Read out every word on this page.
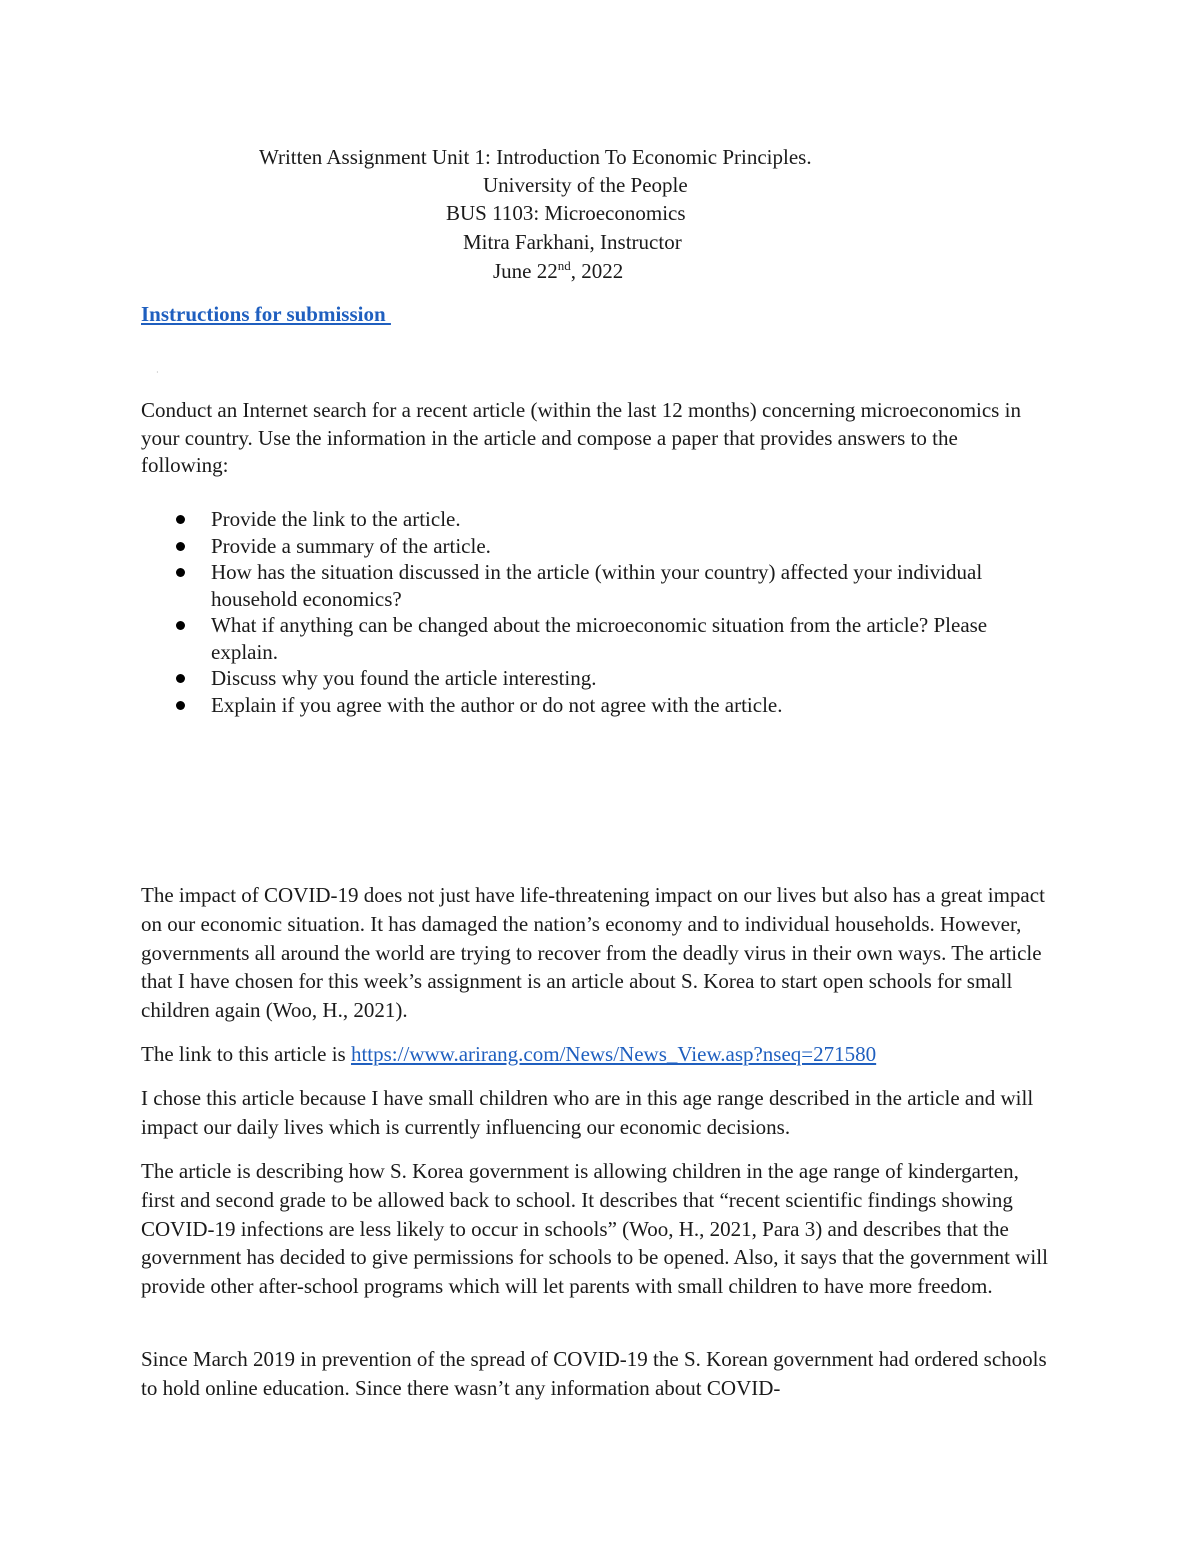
Written Assignment Unit 1: Introduction To Economic Principles.
University of the People
BUS 1103: Microeconomics
Mitra Farkhani, Instructor
June 22nd, 2022
Instructions for submission
·
Conduct an Internet search for a recent article (within the last 12 months) concerning microeconomics in your country. Use the information in the article and compose a paper that provides answers to the following:
Provide the link to the article.
Provide a summary of the article.
How has the situation discussed in the article (within your country) affected your individual household economics?
What if anything can be changed about the microeconomic situation from the article? Please explain.
Discuss why you found the article interesting.
Explain if you agree with the author or do not agree with the article.

The impact of COVID-19 does not just have life-threatening impact on our lives but also has a great impact on our economic situation. It has damaged the nation’s economy and to individual households. However, governments all around the world are trying to recover from the deadly virus in their own ways. The article that I have chosen for this week’s assignment is an article about S. Korea to start open schools for small children again (Woo, H., 2021).

The link to this article is https://www.arirang.com/News/News_View.asp?nseq=271580

I chose this article because I have small children who are in this age range described in the article and will impact our daily lives which is currently influencing our economic decisions.

The article is describing how S. Korea government is allowing children in the age range of kindergarten, first and second grade to be allowed back to school. It describes that “recent scientific findings showing COVID-19 infections are less likely to occur in schools” (Woo, H., 2021, Para 3) and describes that the government has decided to give permissions for schools to be opened. Also, it says that the government will provide other after-school programs which will let parents with small children to have more freedom.

Since March 2019 in prevention of the spread of COVID-19 the S. Korean government had ordered schools to hold online education. Since there wasn’t any information about COVID-
